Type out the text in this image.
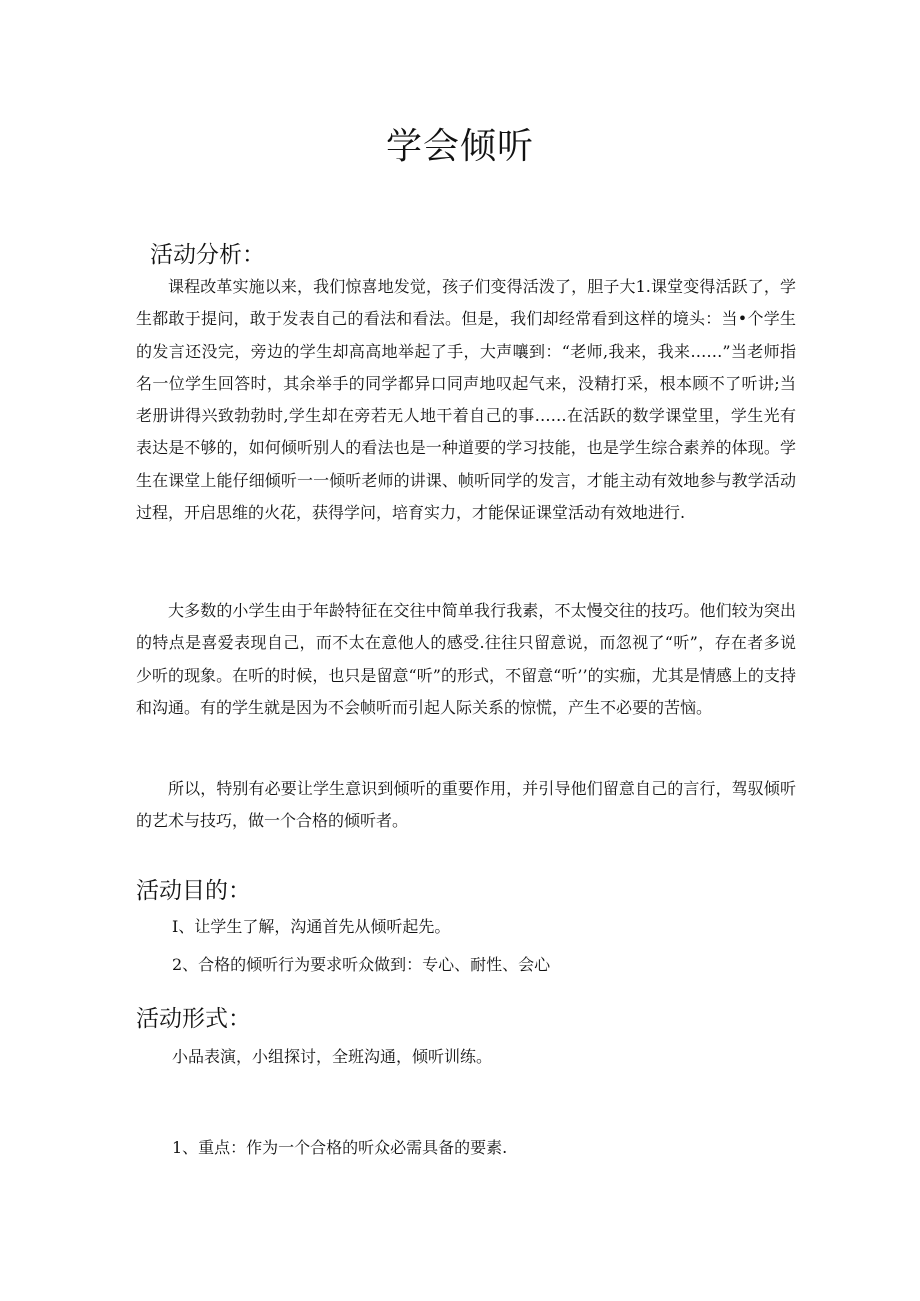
学会倾听
活动分析：

课程改革实施以来，我们惊喜地发觉，孩子们变得活泼了，胆子大1.课堂变得活跃了，学生都敢于提问，敢于发表自己的看法和看法。但是，我们却经常看到这样的境头：当•个学生的发言还没完，旁边的学生却高高地举起了手，大声嚷到：“老师,我来，我来……”当老师指名一位学生回答时，其余举手的同学都异口同声地叹起气来，没精打采，根本顾不了听讲;当老册讲得兴致勃勃时,学生却在旁若无人地干着自己的事……在活跃的数学课堂里，学生光有表达是不够的，如何倾听别人的看法也是一种道要的学习技能，也是学生综合素养的体现。学生在课堂上能仔细倾听一一倾听老师的讲课、帧听同学的发言，才能主动有效地参与教学活动过程，开启思维的火花，获得学问，培育实力，才能保证课堂活动有效地进行.

大多数的小学生由于年龄特征在交往中简单我行我素，不太慢交往的技巧。他们较为突出的特点是喜爱表现自己，而不太在意他人的感受.往往只留意说，而忽视了“听”，存在者多说少听的现象。在听的时候，也只是留意“听”的形式，不留意“听’’的实痂，尤其是情感上的支持和沟通。有的学生就是因为不会帧听而引起人际关系的惊慌，产生不必要的苦恼。

所以，特别有必要让学生意识到倾听的重要作用，并引导他们留意自己的言行，驾驭倾听的艺术与技巧，做一个合格的倾听者。

活动目的：
I、让学生了解，沟通首先从倾听起先。
2、合格的倾听行为要求听众做到：专心、耐性、会心
活动形式：
小品表演，小组探讨，全班沟通，倾听训练。
1、重点：作为一个合格的听众必需具备的要素.
